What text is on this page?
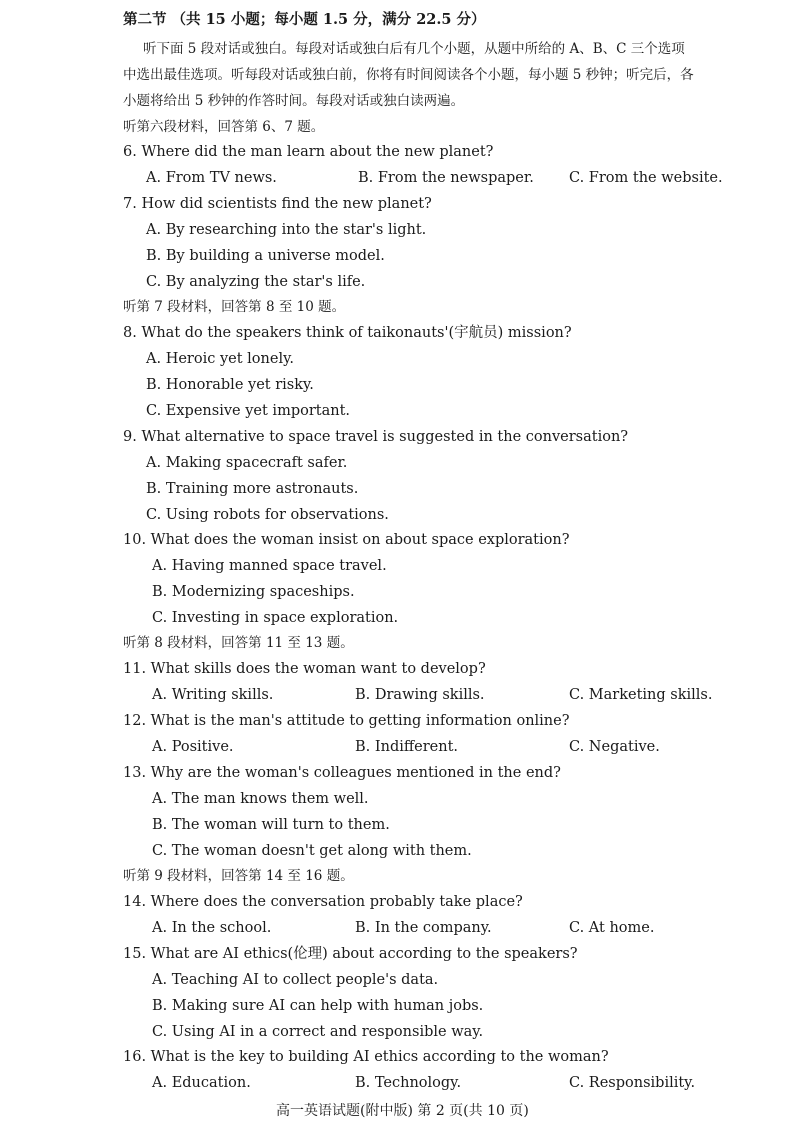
第二节 （共 15 小题；每小题 1.5 分，满分 22.5 分）
听下面 5 段对话或独白。每段对话或独白后有几个小题，从题中所给的 A、B、C 三个选项
中选出最佳选项。听每段对话或独白前，你将有时间阅读各个小题，每小题 5 秒钟；听完后，各
小题将给出 5 秒钟的作答时间。每段对话或独白读两遍。
听第六段材料，回答第 6、7 题。
6. Where did the man learn about the new planet?
A. From TV news.	B. From the newspaper. C. From the website.
7. How did scientists find the new planet?
A. By researching into the star's light.
B. By building a universe model.
C. By analyzing the star's life.
听第 7 段材料，回答第 8 至 10 题。
8. What do the speakers think of taikonauts'(宇航员) mission?
A. Heroic yet lonely.
B. Honorable yet risky.
C. Expensive yet important.
9. What alternative to space travel is suggested in the conversation?
A. Making spacecraft safer.
B. Training more astronauts.
C. Using robots for observations.
10. What does the woman insist on about space exploration?
A. Having manned space travel.
B. Modernizing spaceships.
C. Investing in space exploration.
听第 8 段材料，回答第 11 至 13 题。
11. What skills does the woman want to develop?
A. Writing skills.	B. Drawing skills.	C. Marketing skills.
12. What is the man's attitude to getting information online?
A. Positive.	B. Indifferent.	C. Negative.
13. Why are the woman's colleagues mentioned in the end?
A. The man knows them well.
B. The woman will turn to them.
C. The woman doesn't get along with them.
听第 9 段材料，回答第 14 至 16 题。
14. Where does the conversation probably take place?
A. In the school.	B. In the company.	C. At home.
15. What are AI ethics(伦理) about according to the speakers?
A. Teaching AI to collect people's data.
B. Making sure AI can help with human jobs.
C. Using AI in a correct and responsible way.
16. What is the key to building AI ethics according to the woman?
A. Education.	B. Technology.	C. Responsibility.
高一英语试题(附中版) 第 2 页(共 10 页)
